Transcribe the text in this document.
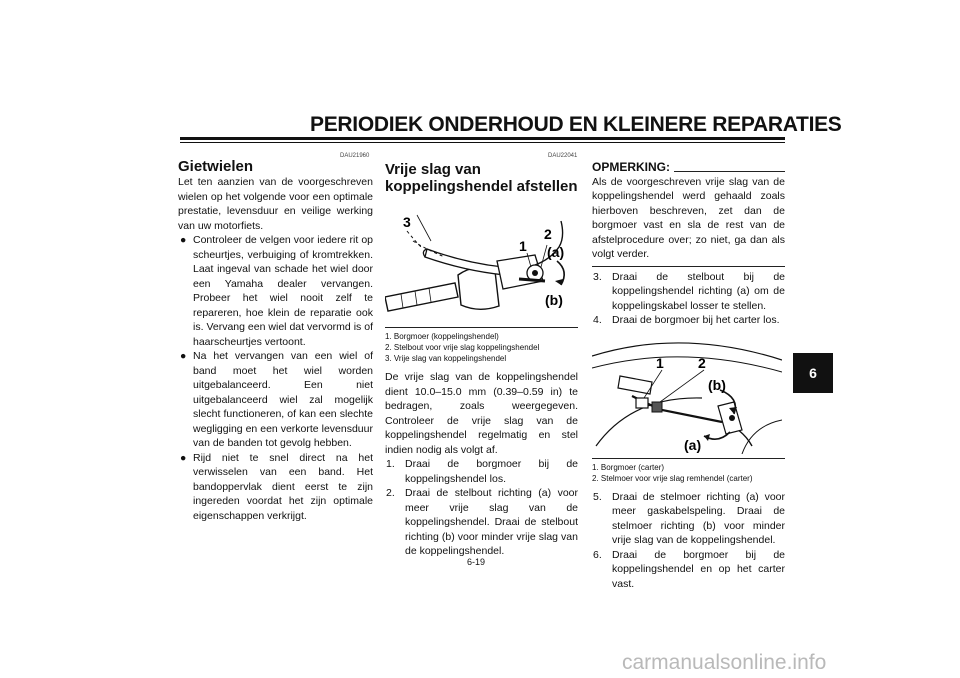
PERIODIEK ONDERHOUD EN KLEINERE REPARATIES
DAU21960

Gietwielen

Let ten aanzien van de voorgeschreven wielen op het volgende voor een optimale prestatie, levensduur en veilige werking van uw motorfiets.

● Controleer de velgen voor iedere rit op scheurtjes, verbuiging of kromtrekken. Laat ingeval van schade het wiel door een Yamaha dealer vervangen. Probeer het wiel nooit zelf te repareren, hoe klein de reparatie ook is. Vervang een wiel dat vervormd is of haarscheurtjes vertoont.

● Na het vervangen van een wiel of band moet het wiel worden uitgebalanceerd. Een niet uitgebalanceerd wiel zal mogelijk slecht functioneren, of kan een slechte wegligging en een verkorte levensduur van de banden tot gevolg hebben.

● Rijd niet te snel direct na het verwisselen van een band. Het bandoppervlak dient eerst te zijn ingereden voordat het zijn optimale eigenschappen verkrijgt.

DAU22041

Vrije slag van koppelingshendel afstellen

3
1
2
(a)
(b)

1. Borgmoer (koppelingshendel)

2. Stelbout voor vrije slag koppelingshendel

3. Vrije slag van koppelingshendel

De vrije slag van de koppelingshendel dient 10.0–15.0 mm (0.39–0.59 in) te bedragen, zoals weergegeven. Controleer de vrije slag van de koppelingshendel regelmatig en stel indien nodig als volgt af.

1. Draai de borgmoer bij de koppelingshendel los.

2. Draai de stelbout richting (a) voor meer vrije slag van de koppelingshendel. Draai de stelbout richting (b) voor minder vrije slag van de koppelingshendel.

OPMERKING:

Als de voorgeschreven vrije slag van de koppelingshendel werd gehaald zoals hierboven beschreven, zet dan de borgmoer vast en sla de rest van de afstelprocedure over; zo niet, ga dan als volgt verder.

3. Draai de stelbout bij de koppelingshendel richting (a) om de koppelingskabel losser te stellen.

4. Draai de borgmoer bij het carter los.

1 2
(b)
(a)

1. Borgmoer (carter)

2. Stelmoer voor vrije slag remhendel (carter)

5. Draai de stelmoer richting (a) voor meer gaskabelspeling. Draai de stelmoer richting (b) voor minder vrije slag van de koppelingshendel.

6. Draai de borgmoer bij de koppelingshendel en op het carter vast.

6
6-19
carmanualsonline.info
